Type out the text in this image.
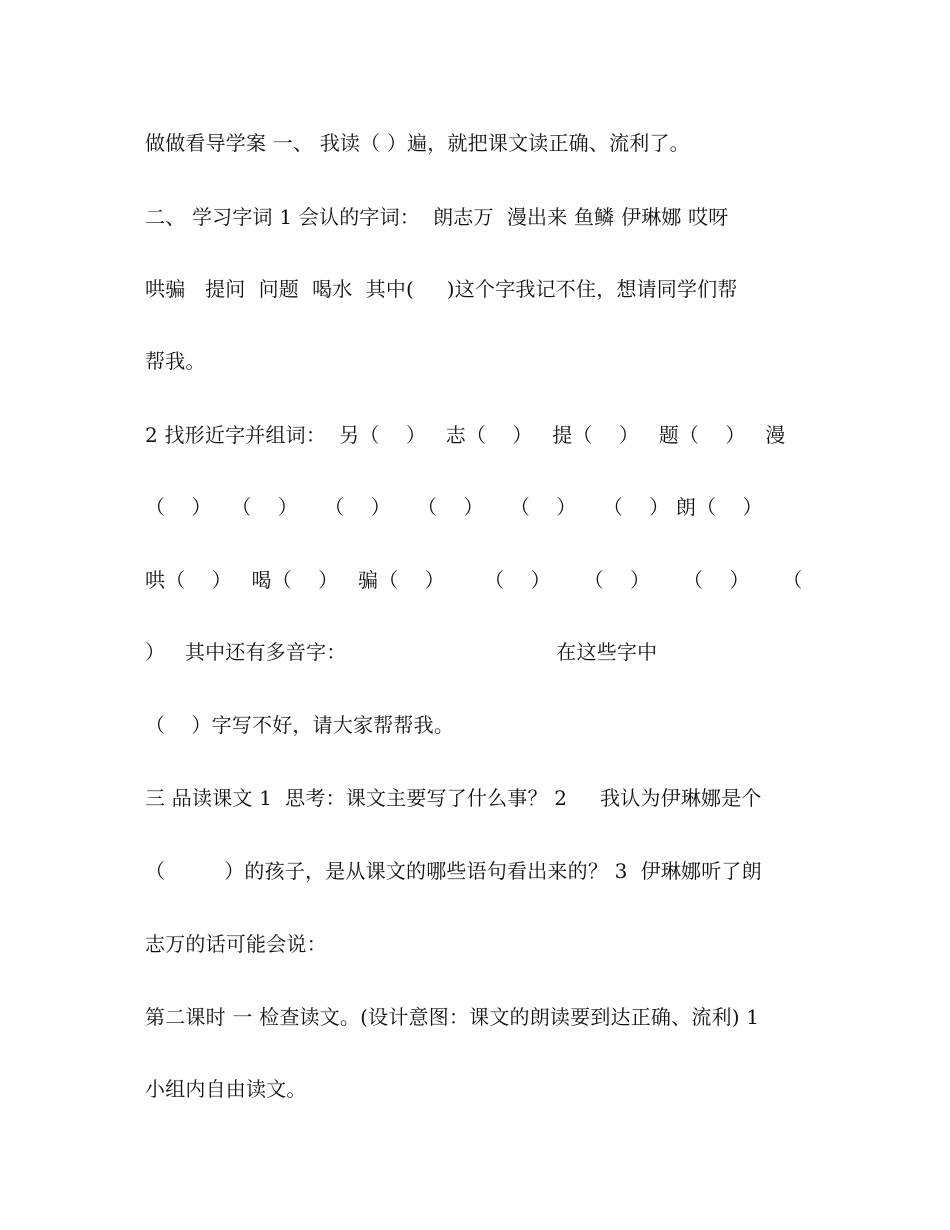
做做看导学案 一、 我读（ ）遍，就把课文读正确、流利了。
二、 学习字词 1 会认的字词：  朗志万  漫出来 鱼鳞 伊琳娜 哎呀
哄骗   提问  问题  喝水  其中(     )这个字我记不住，想请同学们帮
帮我。
2 找形近字并组词：  另（    ）   志（    ）   提（    ）   题（    ）   漫
（    ）   （    ）    （    ）    （    ）    （    ）    （    ） 朗（    ）
哄（    ）   喝（    ）   骗（    ）      （    ）     （    ）     （    ）     （
）   其中还有多音字：                                在这些字中
（    ）字写不好，请大家帮帮我。
三 品读课文 1  思考：课文主要写了什么事？ 2     我认为伊琳娜是个
（         ）的孩子，是从课文的哪些语句看出来的？ 3  伊琳娜听了朗
志万的话可能会说：
第二课时 一 检查读文。(设计意图：课文的朗读要到达正确、流利) 1
小组内自由读文。
